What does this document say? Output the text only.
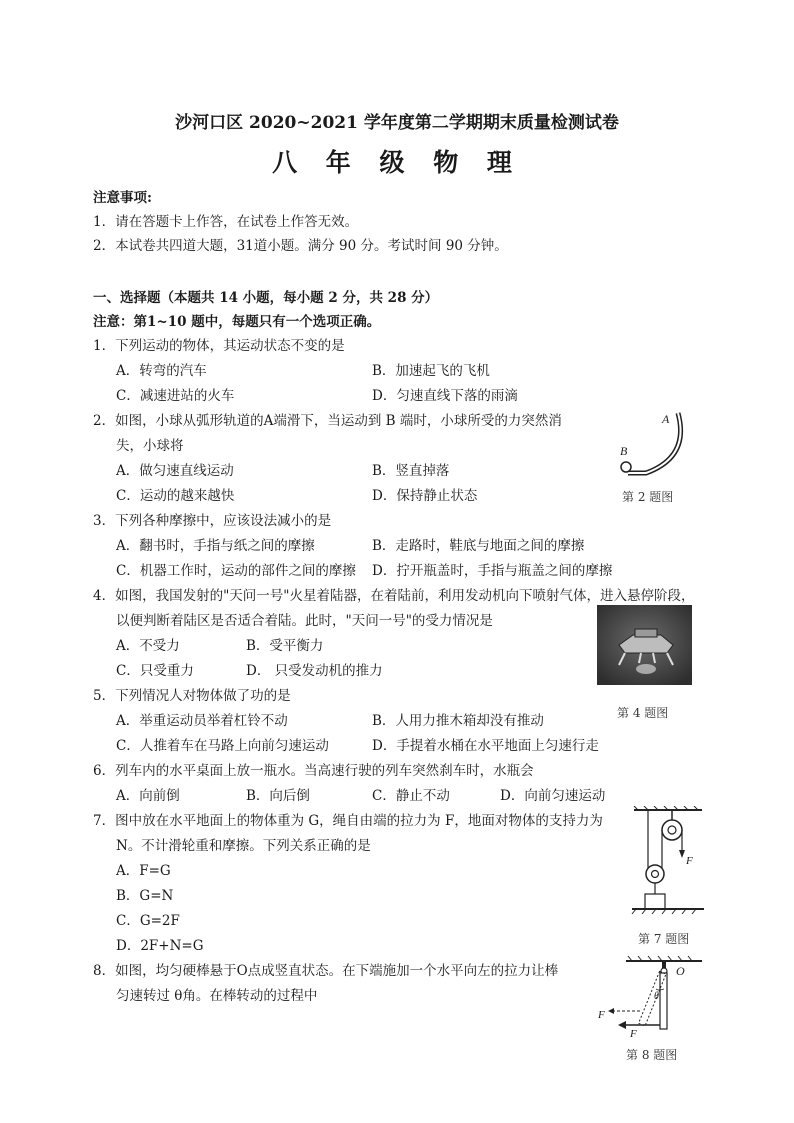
沙河口区 2020~2021 学年度第二学期期末质量检测试卷
八 年 级 物 理
注意事项:
1．请在答题卡上作答，在试卷上作答无效。
2．本试卷共四道大题，31道小题。满分 90 分。考试时间 90 分钟。
一、选择题（本题共 14 小题，每小题 2 分，共 28 分）
注意：第1~10 题中，每题只有一个选项正确。
1．下列运动的物体，其运动状态不变的是
A．转弯的汽车	B．加速起飞的飞机
C．减速进站的火车	D．匀速直线下落的雨滴
2．如图，小球从弧形轨道的A端滑下，当运动到 B 端时，小球所受的力突然消
失，小球将
A．做匀速直线运动	B．竖直掉落
C．运动的越来越快	D．保持静止状态
A
B
第 2 题图
3．下列各种摩擦中，应该设法减小的是
A．翻书时，手指与纸之间的摩擦	B．走路时，鞋底与地面之间的摩擦
C．机器工作时，运动的部件之间的摩擦 D．拧开瓶盖时，手指与瓶盖之间的摩擦
4．如图，我国发射的"天问一号"火星着陆器，在着陆前，利用发动机向下喷射气体，进入悬停阶段，
以便判断着陆区是否适合着陆。此时，"天问一号"的受力情况是
A．不受力	B．受平衡力
C．只受重力	D． 只受发动机的推力
第 4 题图
5．下列情况人对物体做了功的是
A．举重运动员举着杠铃不动	B．人用力推木箱却没有推动
C．人推着车在马路上向前匀速运动	D．手提着水桶在水平地面上匀速行走
6．列车内的水平桌面上放一瓶水。当高速行驶的列车突然刹车时，水瓶会
A．向前倒	B．向后倒	C．静止不动	D．向前匀速运动
7．图中放在水平地面上的物体重为 G，绳自由端的拉力为 F，地面对物体的支持力为
N。不计滑轮重和摩擦。下列关系正确的是
A．F=G
B．G=N
C．G=2F
D．2F+N=G
F
第 7 题图
8．如图，均匀硬棒悬于O点成竖直状态。在下端施加一个水平向左的拉力让棒
匀速转过 θ角。在棒转动的过程中
O
θ
F
F
第 8 题图
